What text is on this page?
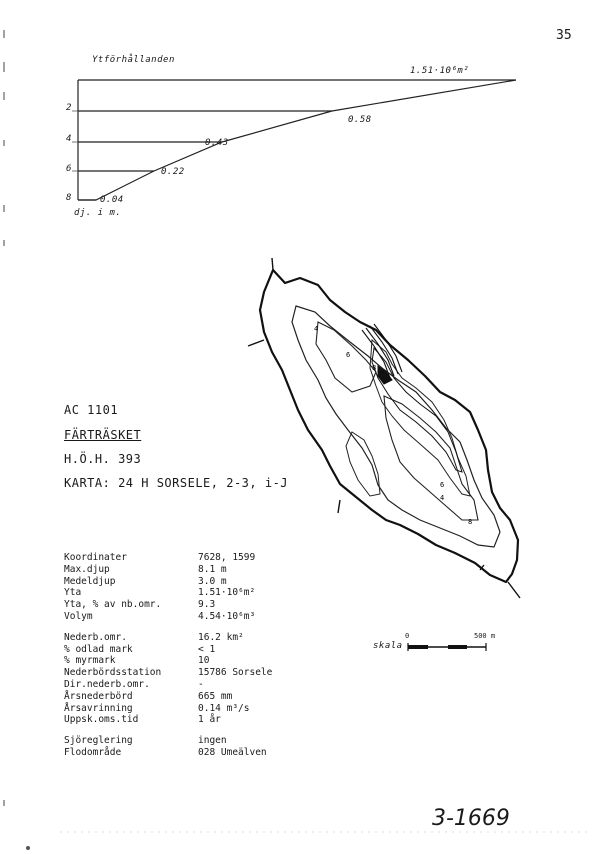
35
Ytförhållanden
1.51·10⁶m²
2
4
6
8
0.58
0.43
0.22
0.04
dj. i m.
AC 1101
FÄRTRÄSKET
H.Ö.H. 393
KARTA: 24 H SORSELE, 2-3, i-J
4
6
8
6
4
8
skala
0	500 m
Koordinater	7628, 1599
Max.djup	8.1 m
Medeldjup	3.0 m
Yta	1.51·10⁶m²
Yta, % av nb.omr.	9.3
Volym	4.54·10⁶m³
Nederb.omr.	16.2 km²
% odlad mark	< 1
% myrmark	10
Nederbördsstation	15786 Sorsele
Dir.nederb.omr.	-
Årsnederbörd	665 mm
Årsavrinning	0.14 m³/s
Uppsk.oms.tid	1 år
Sjöreglering	ingen
Flodområde	028 Umeälven
3-1669
